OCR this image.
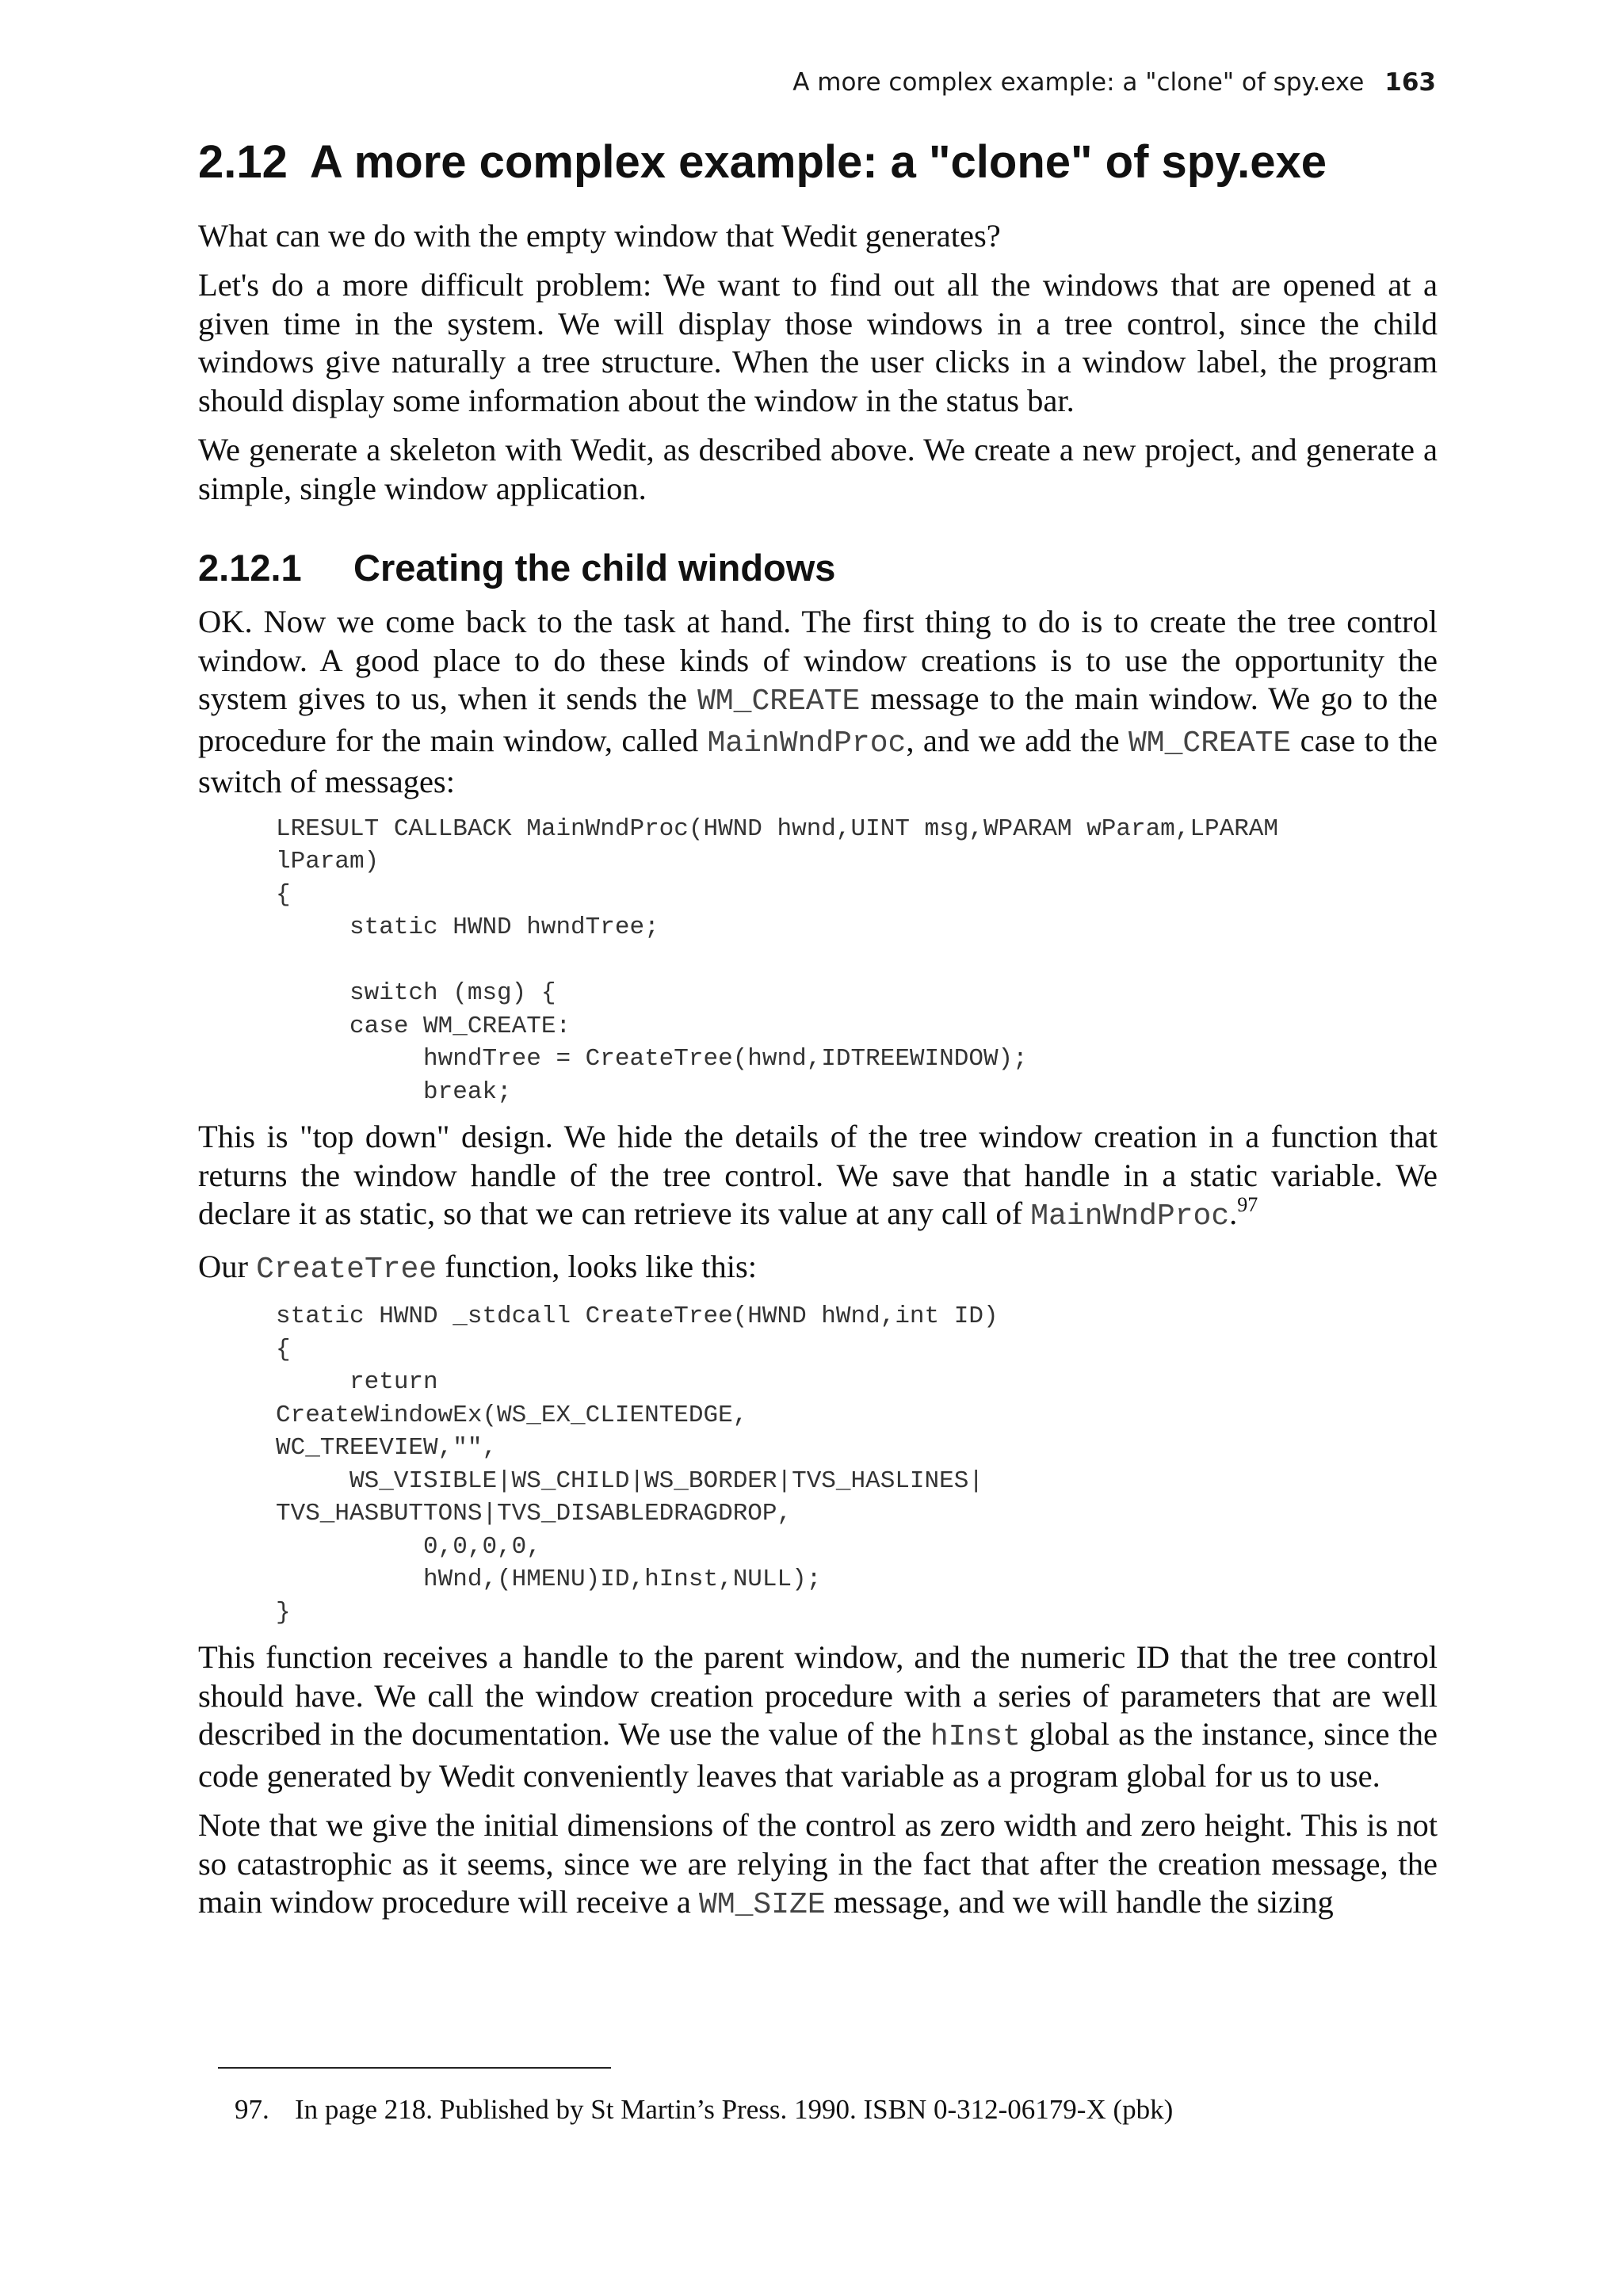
A more complex example: a "clone" of spy.exe 163
2.12 A more complex example: a "clone" of spy.exe

What can we do with the empty window that Wedit generates?

Let's do a more difficult problem: We want to find out all the windows that are opened at a given time in the system. We will display those windows in a tree control, since the child windows give naturally a tree structure. When the user clicks in a window label, the program should display some information about the window in the status bar.

We generate a skeleton with Wedit, as described above. We create a new project, and generate a simple, single window application.

2.12.1 Creating the child windows

OK. Now we come back to the task at hand. The first thing to do is to create the tree control window. A good place to do these kinds of window creations is to use the opportunity the system gives to us, when it sends the WM_CREATE message to the main window. We go to the procedure for the main window, called MainWndProc, and we add the WM_CREATE case to the switch of messages:

LRESULT CALLBACK MainWndProc(HWND hwnd,UINT msg,WPARAM wParam,LPARAM
lParam)
{
static HWND hwndTree;

switch (msg) {
case WM_CREATE:
hwndTree = CreateTree(hwnd,IDTREEWINDOW);
break;

This is "top down" design. We hide the details of the tree window creation in a function that returns the window handle of the tree control. We save that handle in a static variable. We declare it as static, so that we can retrieve its value at any call of MainWndProc.$^{97}$

Our CreateTree function, looks like this:

static HWND _stdcall CreateTree(HWND hWnd,int ID)
{
return
CreateWindowEx(WS_EX_CLIENTEDGE,
WC_TREEVIEW,"",
WS_VISIBLE|WS_CHILD|WS_BORDER|TVS_HASLINES|
TVS_HASBUTTONS|TVS_DISABLEDRAGDROP,
0,0,0,0,
hWnd,(HMENU)ID,hInst,NULL);
}

This function receives a handle to the parent window, and the numeric ID that the tree control should have. We call the window creation procedure with a series of parameters that are well described in the documentation. We use the value of the hInst global as the instance, since the code generated by Wedit conveniently leaves that variable as a program global for us to use.

Note that we give the initial dimensions of the control as zero width and zero height. This is not so catastrophic as it seems, since we are relying in the fact that after the creation message, the main window procedure will receive a WM_SIZE message, and we will handle the sizing

97. In page 218. Published by St Martin’s Press. 1990. ISBN 0-312-06179-X (pbk)
